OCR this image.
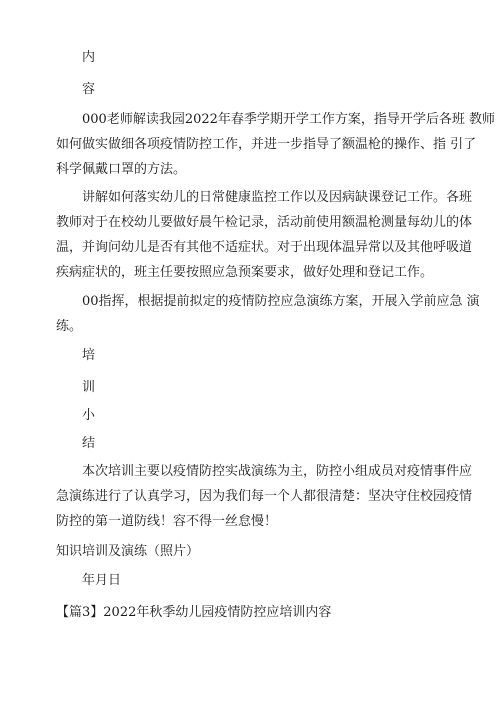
内

容

000老师解读我园2022年春季学期开学工作方案，指导开学后各班 教师

如何做实做细各项疫情防控工作，并进一步指导了额温枪的操作、指 引了

科学佩戴口罩的方法。

讲解如何落实幼儿的日常健康监控工作以及因病缺课登记工作。各班

教师对于在校幼儿要做好晨午检记录，活动前使用额温枪测量每幼儿的体

温，并询问幼儿是否有其他不适症状。对于出现体温异常以及其他呼吸道

疾病症状的，班主任要按照应急预案要求，做好处理和登记工作。

00指挥，根据提前拟定的疫情防控应急演练方案，开展入学前应急 演

练。

培

训

小

结

本次培训主要以疫情防控实战演练为主，防控小组成员对疫情事件应

急演练进行了认真学习，因为我们每一个人都很清楚：坚决守住校园疫情

防控的第一道防线！容不得一丝怠慢！

知识培训及演练（照片）

年月日

【篇3】2022年秋季幼儿园疫情防控应培训内容
